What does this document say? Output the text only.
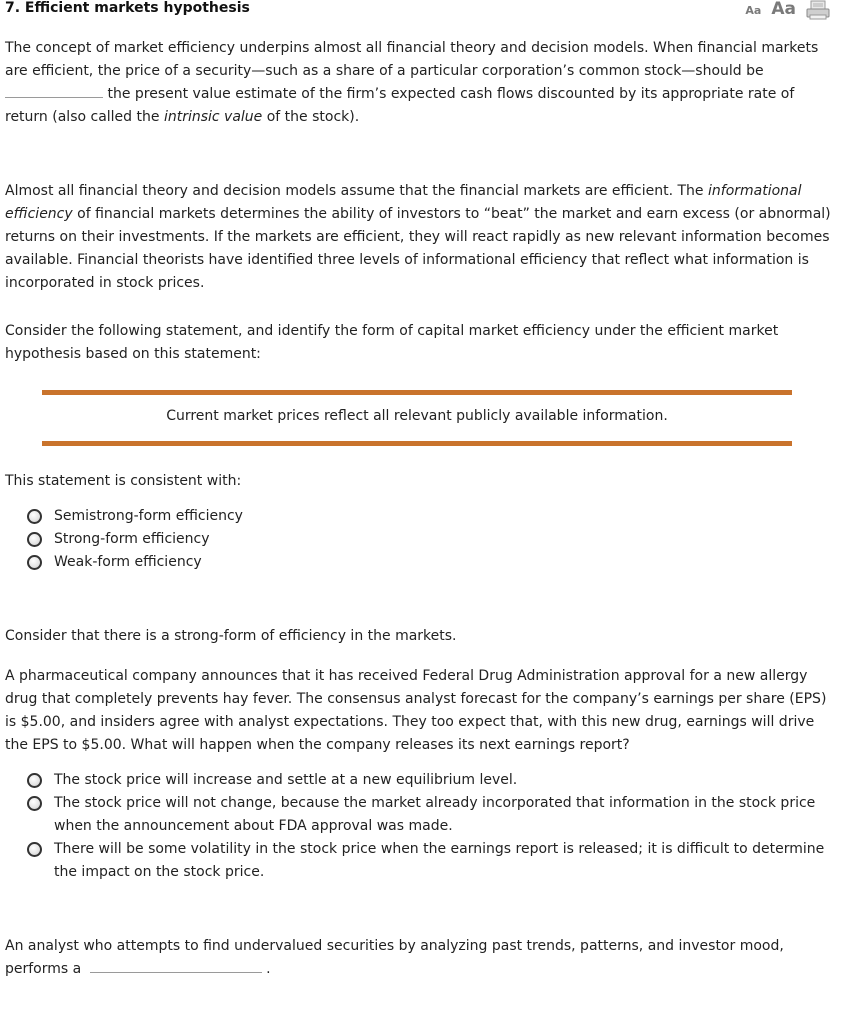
7. Efficient markets hypothesis	Aa Aa

The concept of market efficiency underpins almost all financial theory and decision models. When financial markets are efficient, the price of a security—such as a share of a particular corporation’s common stock—should be  the present value estimate of the firm’s expected cash flows discounted by its appropriate rate of return (also called the intrinsic value of the stock).

Almost all financial theory and decision models assume that the financial markets are efficient. The informational efficiency of financial markets determines the ability of investors to “beat” the market and earn excess (or abnormal) returns on their investments. If the markets are efficient, they will react rapidly as new relevant information becomes available. Financial theorists have identified three levels of informational efficiency that reflect what information is incorporated in stock prices.

Consider the following statement, and identify the form of capital market efficiency under the efficient market hypothesis based on this statement:

Current market prices reflect all relevant publicly available information.

This statement is consistent with:

Semistrong-form efficiency
Strong-form efficiency
Weak-form efficiency

Consider that there is a strong-form of efficiency in the markets.

A pharmaceutical company announces that it has received Federal Drug Administration approval for a new allergy drug that completely prevents hay fever. The consensus analyst forecast for the company’s earnings per share (EPS) is $5.00, and insiders agree with analyst expectations. They too expect that, with this new drug, earnings will drive the EPS to $5.00. What will happen when the company releases its next earnings report?

The stock price will increase and settle at a new equilibrium level.
The stock price will not change, because the market already incorporated that information in the stock price when the announcement about FDA approval was made.
There will be some volatility in the stock price when the earnings report is released; it is difficult to determine the impact on the stock price.

An analyst who attempts to find undervalued securities by analyzing past trends, patterns, and investor mood, performs a	.
